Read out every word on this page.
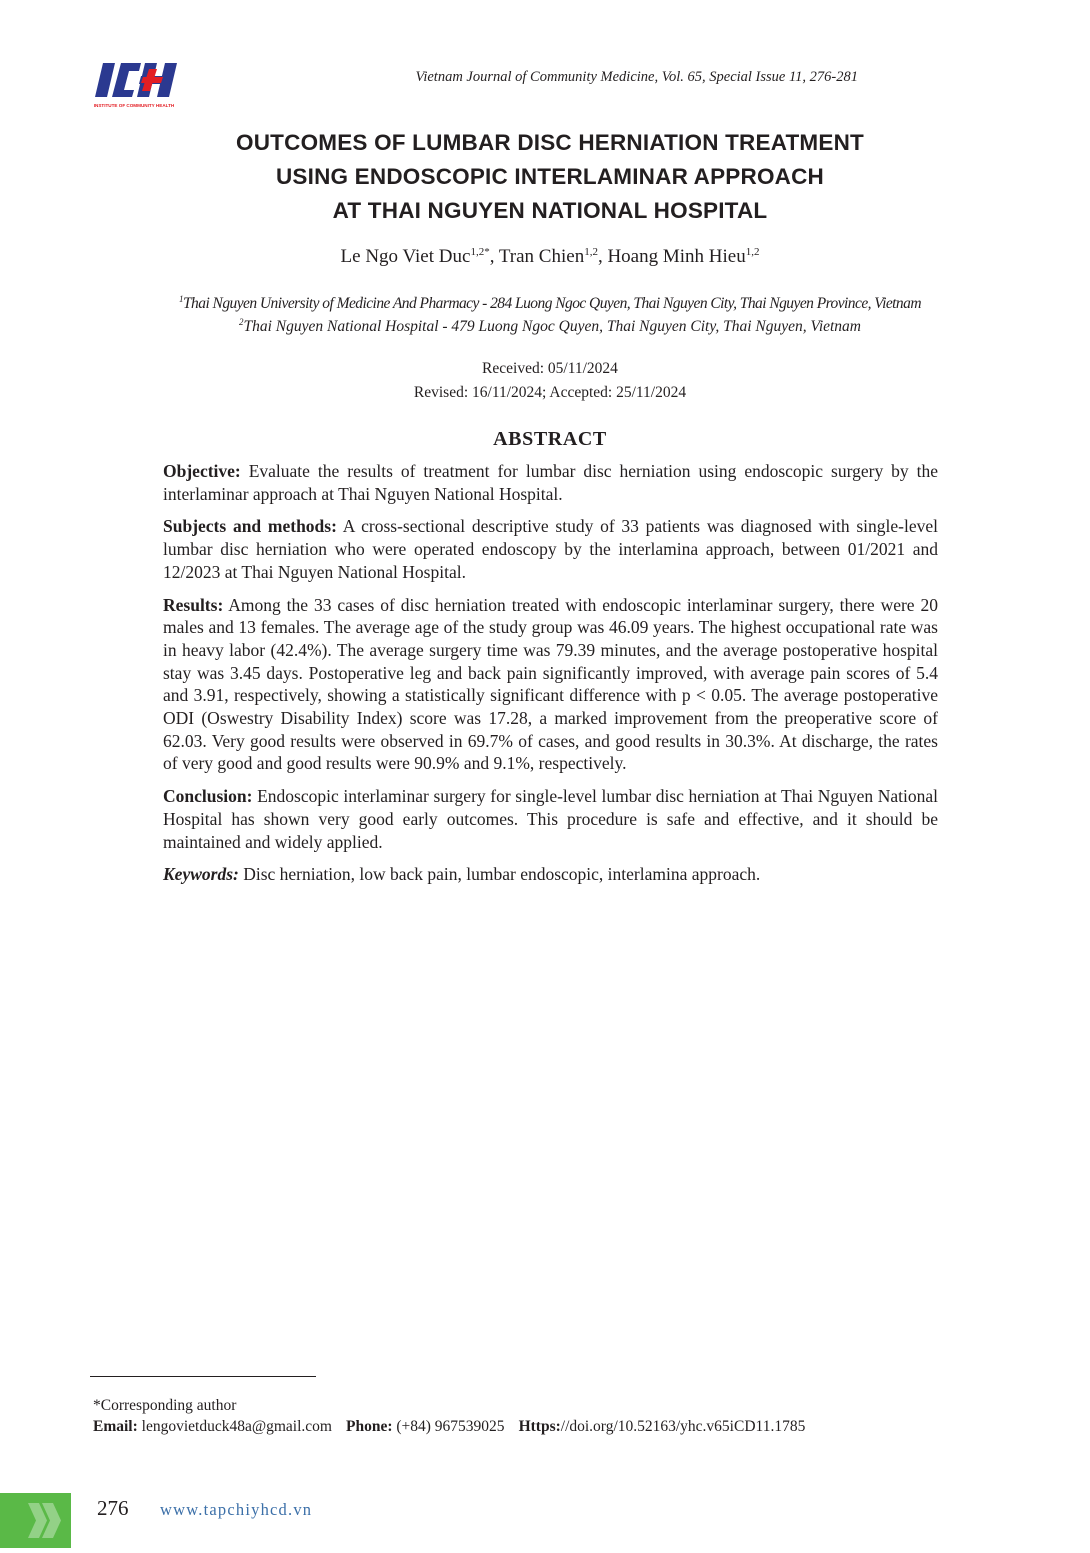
INSTITUTE OF COMMUNITY HEALTH
Vietnam Journal of Community Medicine, Vol. 65, Special Issue 11, 276-281
OUTCOMES OF LUMBAR DISC HERNIATION TREATMENT
USING ENDOSCOPIC INTERLAMINAR APPROACH
AT THAI NGUYEN NATIONAL HOSPITAL
Le Ngo Viet Duc$^{1,2*}$, Tran Chien$^{1,2}$, Hoang Minh Hieu$^{1,2}$
$^1$Thai Nguyen University of Medicine And Pharmacy - 284 Luong Ngoc Quyen, Thai Nguyen City, Thai Nguyen Province, Vietnam
$^2$Thai Nguyen National Hospital - 479 Luong Ngoc Quyen, Thai Nguyen City, Thai Nguyen, Vietnam
Received: 05/11/2024
Revised: 16/11/2024; Accepted: 25/11/2024
ABSTRACT

Objective: Evaluate the results of treatment for lumbar disc herniation using endoscopic surgery by the interlaminar approach at Thai Nguyen National Hospital.

Subjects and methods: A cross-sectional descriptive study of 33 patients was diagnosed with single-level lumbar disc herniation who were operated endoscopy by the interlamina approach, between 01/2021 and 12/2023 at Thai Nguyen National Hospital.

Results: Among the 33 cases of disc herniation treated with endoscopic interlaminar surgery, there were 20 males and 13 females. The average age of the study group was 46.09 years. The highest occupational rate was in heavy labor (42.4%). The average surgery time was 79.39 minutes, and the average postoperative hospital stay was 3.45 days. Postoperative leg and back pain significantly improved, with average pain scores of 5.4 and 3.91, respectively, showing a statistically significant difference with p < 0.05. The average postoperative ODI (Oswestry Disability Index) score was 17.28, a marked improvement from the preoperative score of 62.03. Very good results were observed in 69.7% of cases, and good results in 30.3%. At discharge, the rates of very good and good results were 90.9% and 9.1%, respectively.

Conclusion: Endoscopic interlaminar surgery for single-level lumbar disc herniation at Thai Nguyen National Hospital has shown very good early outcomes. This procedure is safe and effective, and it should be maintained and widely applied.

Keywords: Disc herniation, low back pain, lumbar endoscopic, interlamina approach.

*Corresponding author
Email: lengovietduck48a@gmail.com Phone: (+84) 967539025 Https://doi.org/10.52163/yhc.v65iCD11.1785
276 www.tapchiyhcd.vn
